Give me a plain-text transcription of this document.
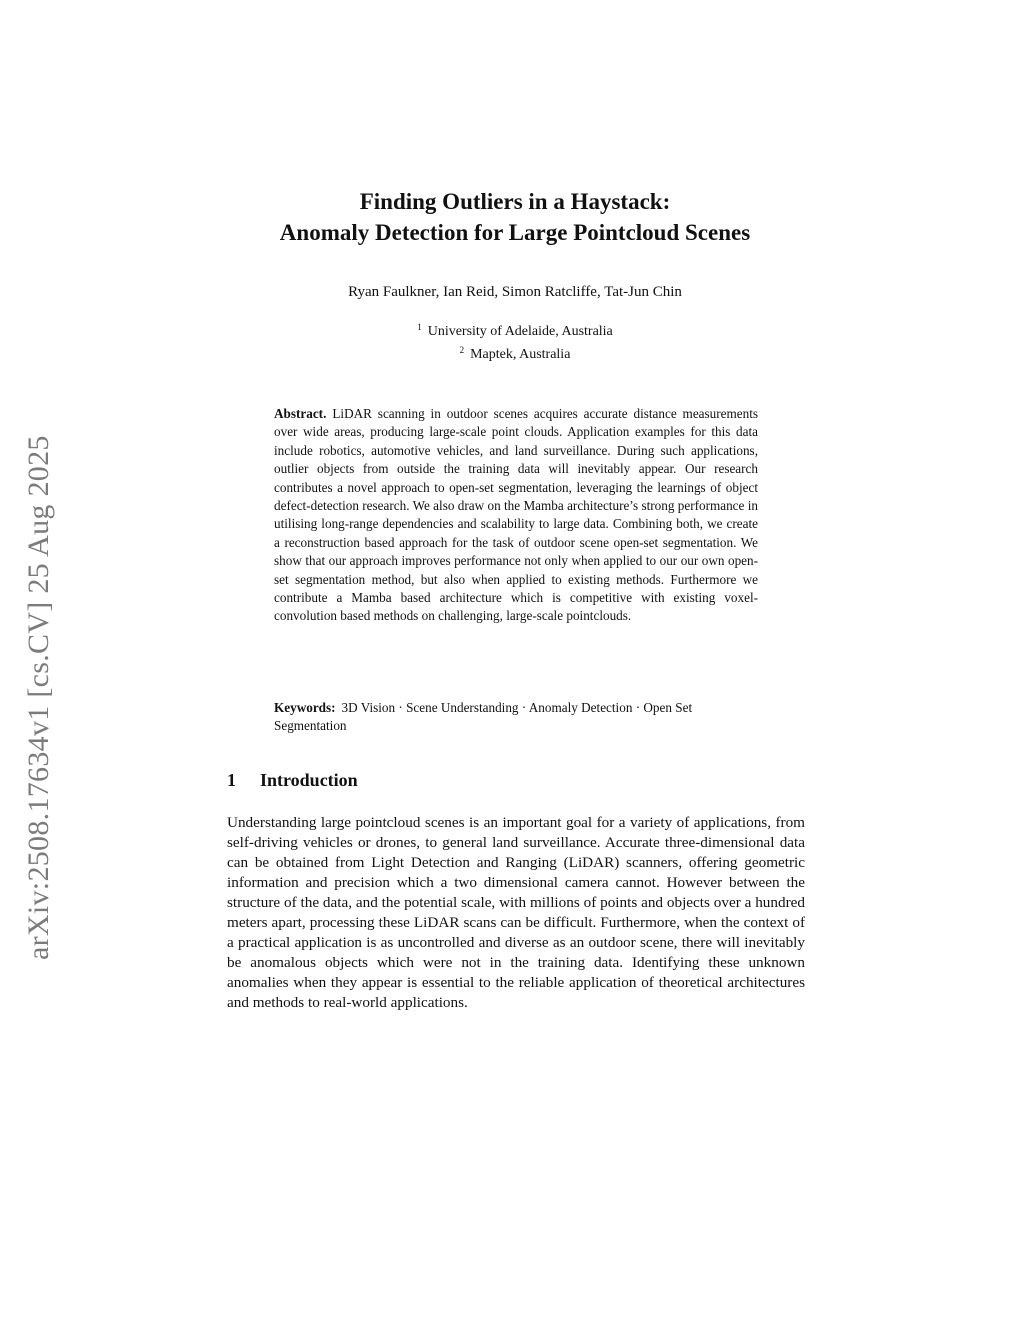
arXiv:2508.17634v1 [cs.CV] 25 Aug 2025
Finding Outliers in a Haystack:
Anomaly Detection for Large Pointcloud Scenes
Ryan Faulkner, Ian Reid, Simon Ratcliffe, Tat-Jun Chin
$^1$ University of Adelaide, Australia
$^2$ Maptek, Australia
Abstract. LiDAR scanning in outdoor scenes acquires accurate distance measurements over wide areas, producing large-scale point clouds. Application examples for this data include robotics, automotive vehicles, and land surveillance. During such applications, outlier objects from outside the training data will inevitably appear. Our research contributes a novel approach to open-set segmentation, leveraging the learnings of object defect-detection research. We also draw on the Mamba architecture’s strong performance in utilising long-range dependencies and scalability to large data. Combining both, we create a reconstruction based approach for the task of outdoor scene open-set segmentation. We show that our approach improves performance not only when applied to our our own open-set segmentation method, but also when applied to existing methods. Furthermore we contribute a Mamba based architecture which is competitive with existing voxel-convolution based methods on challenging, large-scale pointclouds.
Keywords: 3D Vision · Scene Understanding · Anomaly Detection · Open Set Segmentation
1 Introduction
Understanding large pointcloud scenes is an important goal for a variety of applications, from self-driving vehicles or drones, to general land surveillance. Accurate three-dimensional data can be obtained from Light Detection and Ranging (LiDAR) scanners, offering geometric information and precision which a two dimensional camera cannot. However between the structure of the data, and the potential scale, with millions of points and objects over a hundred meters apart, processing these LiDAR scans can be difficult. Furthermore, when the context of a practical application is as uncontrolled and diverse as an outdoor scene, there will inevitably be anomalous objects which were not in the training data. Identifying these unknown anomalies when they appear is essential to the reliable application of theoretical architectures and methods to real-world applications.
